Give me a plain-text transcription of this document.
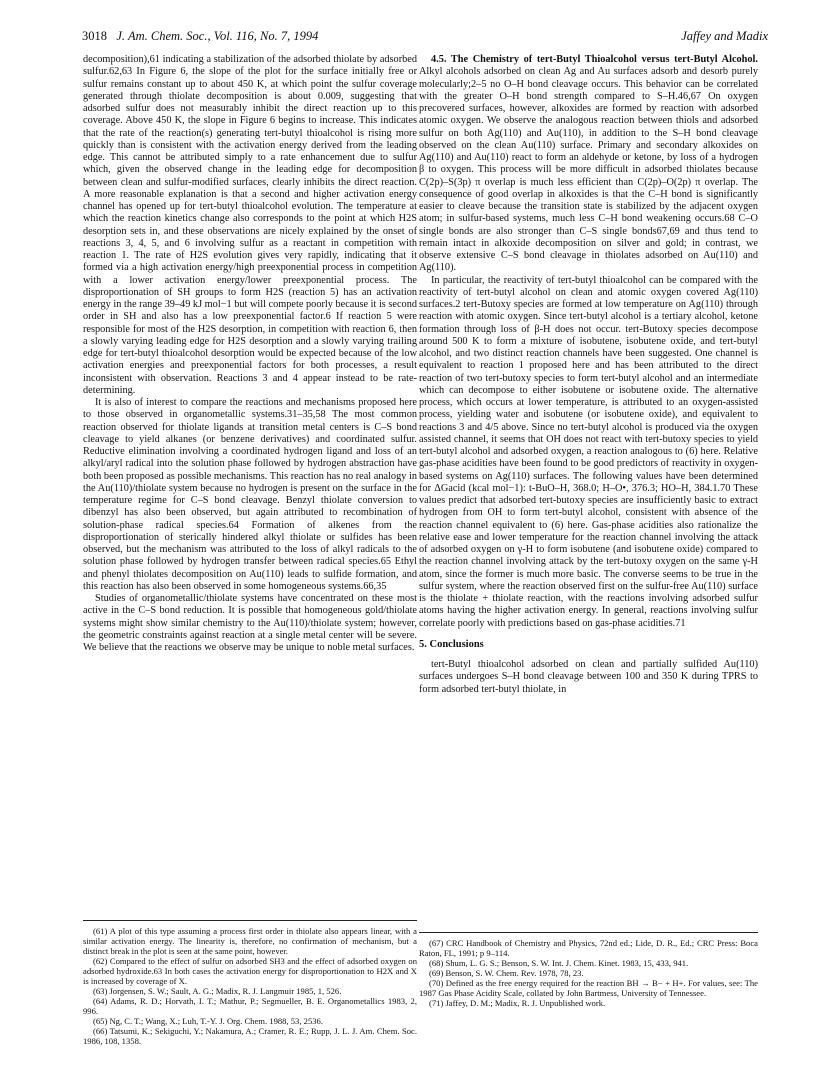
3018 J. Am. Chem. Soc., Vol. 116, No. 7, 1994	Jaffey and Madix

decomposition),61 indicating a stabilization of the adsorbed thiolate by adsorbed sulfur.62,63 In Figure 6, the slope of the plot for the surface initially free or sulfur remains constant up to about 450 K, at which point the sulfur coverage generated through thiolate decomposition is about 0.009, suggesting that adsorbed sulfur does not measurably inhibit the direct reaction up to this coverage. Above 450 K, the slope in Figure 6 begins to increase. This indicates that the rate of the reaction(s) generating tert-butyl thioalcohol is rising more quickly than is consistent with the activation energy derived from the leading edge. This cannot be attributed simply to a rate enhancement due to sulfur which, given the observed change in the leading edge for decomposition between clean and sulfur-modified surfaces, clearly inhibits the direct reaction. A more reasonable explanation is that a second and higher activation energy channel has opened up for tert-butyl thioalcohol evolution. The temperature at which the reaction kinetics change also corresponds to the point at which H2S desorption sets in, and these observations are nicely explained by the onset of reactions 3, 4, 5, and 6 involving sulfur as a reactant in competition with reaction 1. The rate of H2S evolution gives very rapidly, indicating that it formed via a high activation energy/high preexponential process in competition with a lower activation energy/lower preexponential process. The disproportionation of SH groups to form H2S (reaction 5) has an activation energy in the range 39–49 kJ mol−1 but will compete poorly because it is second order in SH and also has a low preexponential factor.6 If reaction 5 were responsible for most of the H2S desorption, in competition with reaction 6, then a slowly varying leading edge for H2S desorption and a slowly varying trailing edge for tert-butyl thioalcohol desorption would be expected because of the low activation energies and preexponential factors for both processes, a result inconsistent with observation. Reactions 3 and 4 appear instead to be rate-determining.

It is also of interest to compare the reactions and mechanisms proposed here to those observed in organometallic systems.31–35,58 The most common reaction observed for thiolate ligands at transition metal centers is C–S bond cleavage to yield alkanes (or benzene derivatives) and coordinated sulfur. Reductive elimination involving a coordinated hydrogen ligand and loss of an alkyl/aryl radical into the solution phase followed by hydrogen abstraction have both been proposed as possible mechanisms. This reaction has no real analogy in the Au(110)/thiolate system because no hydrogen is present on the surface in the temperature regime for C–S bond cleavage. Benzyl thiolate conversion to dibenzyl has also been observed, but again attributed to recombination of solution-phase radical species.64 Formation of alkenes from the disproportionation of sterically hindered alkyl thiolate or sulfides has been observed, but the mechanism was attributed to the loss of alkyl radicals to the solution phase followed by hydrogen transfer between radical species.65 Ethyl and phenyl thiolates decomposition on Au(110) leads to sulfide formation, and this reaction has also been observed in some homogeneous systems.66,35

Studies of organometallic/thiolate systems have concentrated on these most active in the C–S bond reduction. It is possible that homogeneous gold/thiolate systems might show similar chemistry to the Au(110)/thiolate system; however, the geometric constraints against reaction at a single metal center will be severe. We believe that the reactions we observe may be unique to noble metal surfaces.

4.5. The Chemistry of tert-Butyl Thioalcohol versus tert-Butyl Alcohol. Alkyl alcohols adsorbed on clean Ag and Au surfaces adsorb and desorb purely molecularly;2–5 no O–H bond cleavage occurs. This behavior can be correlated with the greater O–H bond strength compared to S–H.46,67 On oxygen precovered surfaces, however, alkoxides are formed by reaction with adsorbed atomic oxygen. We observe the analogous reaction between thiols and adsorbed sulfur on both Ag(110) and Au(110), in addition to the S–H bond cleavage observed on the clean Au(110) surface. Primary and secondary alkoxides on Ag(110) and Au(110) react to form an aldehyde or ketone, by loss of a hydrogen β to oxygen. This process will be more difficult in adsorbed thiolates because C(2p)–S(3p) π overlap is much less efficient than C(2p)–O(2p) π overlap. The consequence of good overlap in alkoxides is that the C–H bond is significantly easier to cleave because the transition state is stabilized by the adjacent oxygen atom; in sulfur-based systems, much less C–H bond weakening occurs.68 C–O single bonds are also stronger than C–S single bonds67,69 and thus tend to remain intact in alkoxide decomposition on silver and gold; in contrast, we observe extensive C–S bond cleavage in thiolates adsorbed on Au(110) and Ag(110).

In particular, the reactivity of tert-butyl thioalcohol can be compared with the reactivity of tert-butyl alcohol on clean and atomic oxygen covered Ag(110) surfaces.2 tert-Butoxy species are formed at low temperature on Ag(110) through reaction with atomic oxygen. Since tert-butyl alcohol is a tertiary alcohol, ketone formation through loss of β-H does not occur. tert-Butoxy species decompose around 500 K to form a mixture of isobutene, isobutene oxide, and tert-butyl alcohol, and two distinct reaction channels have been suggested. One channel is equivalent to reaction 1 proposed here and has been attributed to the direct reaction of two tert-butoxy species to form tert-butyl alcohol and an intermediate which can decompose to either isobutene or isobutene oxide. The alternative process, which occurs at lower temperature, is attributed to an oxygen-assisted process, yielding water and isobutene (or isobutene oxide), and equivalent to reactions 3 and 4/5 above. Since no tert-butyl alcohol is produced via the oxygen assisted channel, it seems that OH does not react with tert-butoxy species to yield tert-butyl alcohol and adsorbed oxygen, a reaction analogous to (6) here. Relative gas-phase acidities have been found to be good predictors of reactivity in oxygen-based systems on Ag(110) surfaces. The following values have been determined for ΔGacid (kcal mol−1): t-BuO–H, 368.0; H–O•, 376.3; HO–H, 384.1.70 These values predict that adsorbed tert-butoxy species are insufficiently basic to extract hydrogen from OH to form tert-butyl alcohol, consistent with absence of the reaction channel equivalent to (6) here. Gas-phase acidities also rationalize the relative ease and lower temperature for the reaction channel involving the attack of adsorbed oxygen on γ-H to form isobutene (and isobutene oxide) compared to the reaction channel involving attack by the tert-butoxy oxygen on the same γ-H atom, since the former is much more basic. The converse seems to be true in the sulfur system, where the reaction observed first on the sulfur-free Au(110) surface is the thiolate + thiolate reaction, with the reactions involving adsorbed sulfur atoms having the higher activation energy. In general, reactions involving sulfur correlate poorly with predictions based on gas-phase acidities.71

5. Conclusions

tert-Butyl thioalcohol adsorbed on clean and partially sulfided Au(110) surfaces undergoes S–H bond cleavage between 100 and 350 K during TPRS to form adsorbed tert-butyl thiolate, in

(61) A plot of this type assuming a process first order in thiolate also appears linear, with a similar activation energy. The linearity is, therefore, no confirmation of mechanism, but a distinct break in the plot is seen at the same point, however.

(62) Compared to the effect of sulfur on adsorbed SH3 and the effect of adsorbed oxygen on adsorbed hydroxide.63 In both cases the activation energy for disproportionation to H2X and X is increased by coverage of X.

(63) Jorgensen, S. W.; Sault, A. G.; Madix, R. J. Langmuir 1985, 1, 526.

(64) Adams, R. D.; Horvath, I. T.; Mathur, P.; Segmueller, B. E. Organometallics 1983, 2, 996.

(65) Ng, C. T.; Wang, X.; Luh, T.-Y. J. Org. Chem. 1988, 53, 2536.

(66) Tatsumi, K.; Sekiguchi, Y.; Nakamura, A.; Cramer, R. E.; Rupp, J. L. J. Am. Chem. Soc. 1986, 108, 1358.

(67) CRC Handbook of Chemistry and Physics, 72nd ed.; Lide, D. R., Ed.; CRC Press: Boca Raton, FL, 1991; p 9–114.

(68) Shum, L. G. S.; Benson, S. W. Int. J. Chem. Kinet. 1983, 15, 433, 941.

(69) Benson, S. W. Chem. Rev. 1978, 78, 23.

(70) Defined as the free energy required for the reaction BH → B− + H+. For values, see: The 1987 Gas Phase Acidity Scale, collated by John Bartmess, University of Tennessee.

(71) Jaffey, D. M.; Madix, R. J. Unpublished work.
